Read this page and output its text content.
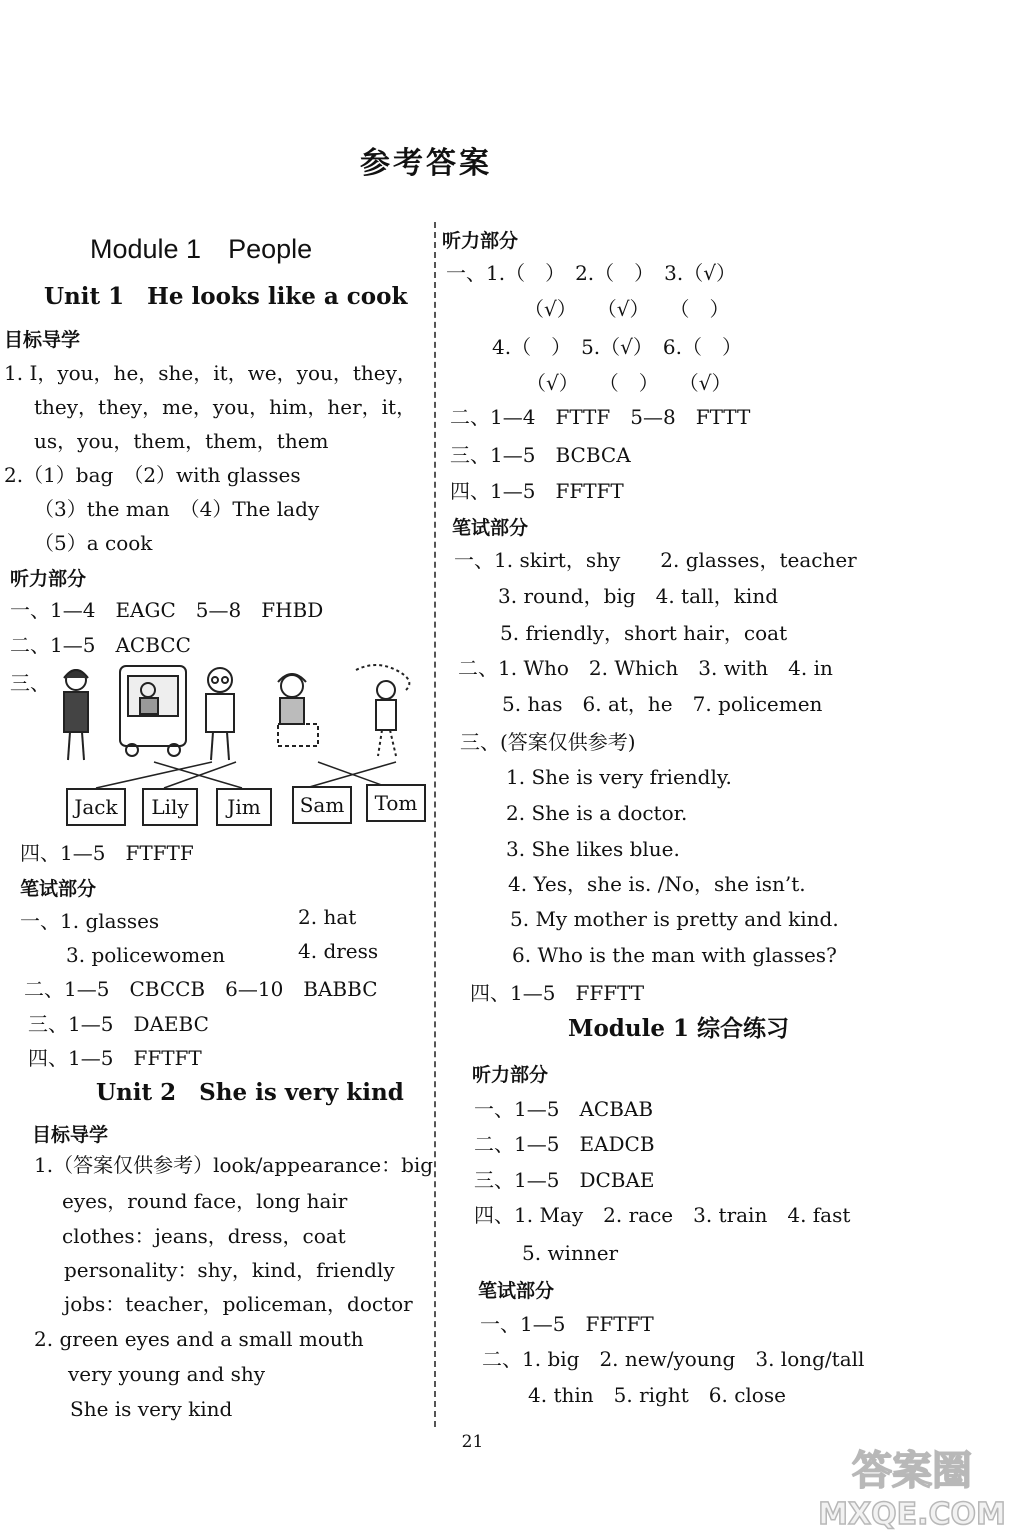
参考答案
Module 1　People
Unit 1　He looks like a cook
目标导学
1. I，you，he，she，it，we，you，they，
they，they，me，you，him，her，it，
us，you，them，them，them
2.（1）bag　（2）with glasses
（3）the man　（4）The lady
（5）a cook
听力部分
一、1—4　EAGC　5—8　FHBD
二、1—5　ACBCC
三、
Jack	Lily	Jim	Sam	Tom
四、1—5　FTFTF
笔试部分
一、1. glasses	2. hat
3. policewomen	4. dress
二、1—5　CBCCB　6—10　BABBC
三、1—5　DAEBC
四、1—5　FFTFT
Unit 2　She is very kind
目标导学
1.（答案仅供参考）look/appearance：big
eyes，round face，long hair
clothes：jeans，dress，coat
personality：shy，kind，friendly
jobs：teacher，policeman，doctor
2. green eyes and a small mouth
very young and shy
She is very kind
听力部分
一、1.（　）　2.（　）　3.（√）
（√）　　（√）　　（　）
4.（　）　5.（√）　6.（　）
（√）　　（　）　　（√）
二、1—4　FTTF　5—8　FTTT
三、1—5　BCBCA
四、1—5　FFTFT
笔试部分
一、1. skirt，shy　　2. glasses，teacher
3. round，big　4. tall，kind
5. friendly，short hair，coat
二、1. Who　2. Which　3. with　4. in
5. has　6. at，he　7. policemen
三、(答案仅供参考)
1. She is very friendly.
2. She is a doctor.
3. She likes blue.
4. Yes，she is. /No，she isn’t.
5. My mother is pretty and kind.
6. Who is the man with glasses?
四、1—5　FFFTT
Module 1 综合练习
听力部分
一、1—5　ACBAB
二、1—5　EADCB
三、1—5　DCBAE
四、1. May　2. race　3. train　4. fast
5. winner
笔试部分
一、1—5　FFTFT
二、1. big　2. new/young　3. long/tall
4. thin　5. right　6. close
21
答案圈
MXQE.COM
